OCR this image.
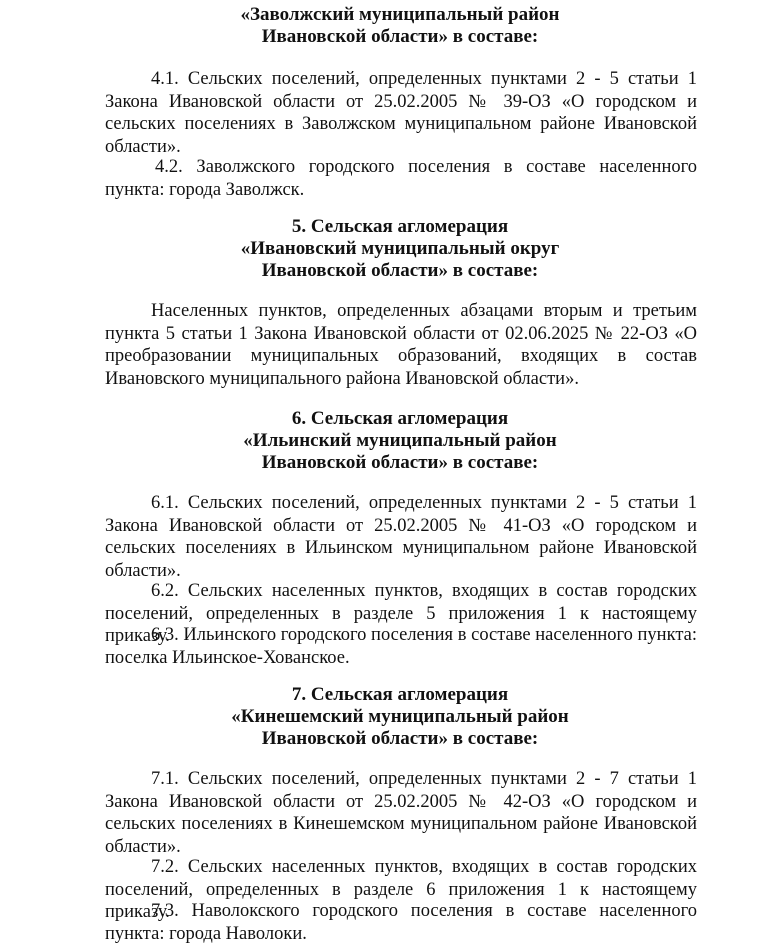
«Заволжский муниципальный район
Ивановской области» в составе:
4.1. Сельских поселений, определенных пунктами 2 - 5 статьи 1 Закона Ивановской области от 25.02.2005 № 39-ОЗ «О городском и сельских поселениях в Заволжском муниципальном районе Ивановской области».
4.2. Заволжского городского поселения в составе населенного пункта: города Заволжск.
5. Сельская агломерация
«Ивановский муниципальный округ
Ивановской области» в составе:
Населенных пунктов, определенных абзацами вторым и третьим пункта 5 статьи 1 Закона Ивановской области от 02.06.2025 № 22-ОЗ «О преобразовании муниципальных образований, входящих в состав Ивановского муниципального района Ивановской области».
6. Сельская агломерация
«Ильинский муниципальный район
Ивановской области» в составе:
6.1. Сельских поселений, определенных пунктами 2 - 5 статьи 1 Закона Ивановской области от 25.02.2005 № 41-ОЗ «О городском и сельских поселениях в Ильинском муниципальном районе Ивановской области».
6.2. Сельских населенных пунктов, входящих в состав городских поселений, определенных в разделе 5 приложения 1 к настоящему приказу.
6.3. Ильинского городского поселения в составе населенного пункта: поселка Ильинское-Хованское.
7. Сельская агломерация
«Кинешемский муниципальный район
Ивановской области» в составе:
7.1. Сельских поселений, определенных пунктами 2 - 7 статьи 1 Закона Ивановской области от 25.02.2005 № 42-ОЗ «О городском и сельских поселениях в Кинешемском муниципальном районе Ивановской области».
7.2. Сельских населенных пунктов, входящих в состав городских поселений, определенных в разделе 6 приложения 1 к настоящему приказу.
7.3. Наволокского городского поселения в составе населенного пункта: города Наволоки.
